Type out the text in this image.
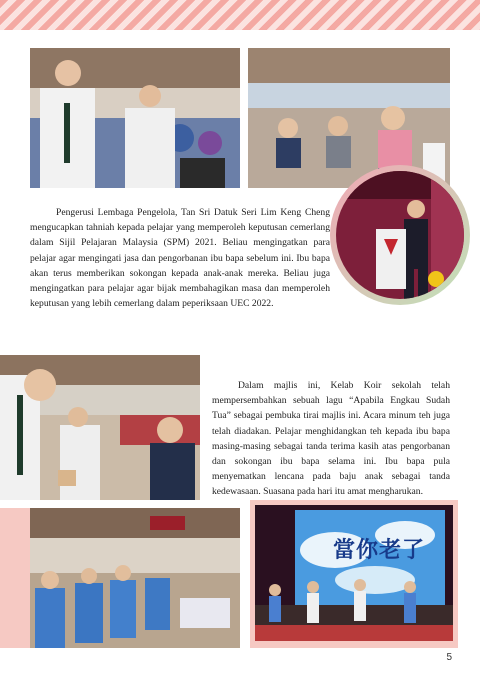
Pengerusi Lembaga Pengelola, Tan Sri Datuk Seri Lim Keng Cheng mengucapkan tahniah kepada pelajar yang memperoleh keputusan cemerlang dalam Sijil Pelajaran Malaysia (SPM) 2021. Beliau mengingatkan para pelajar agar mengingati jasa dan pengorbanan ibu bapa sebelum ini. Ibu bapa akan terus memberikan sokongan kepada anak-anak mereka. Beliau juga mengingatkan para pelajar agar bijak membahagikan masa dan memperoleh keputusan yang lebih cemerlang dalam peperiksaan UEC 2022.

Dalam majlis ini, Kelab Koir sekolah telah mempersembahkan sebuah lagu “Apabila Engkau Sudah Tua” sebagai pembuka tirai majlis ini. Acara minum teh juga telah diadakan. Pelajar menghidangkan teh kepada ibu bapa masing-masing sebagai tanda terima kasih atas pengorbanan dan sokongan ibu bapa selama ini. Ibu bapa pula menyematkan lencana pada baju anak sebagai tanda kedewasaan. Suasana pada hari itu amat mengharukan.

當你老了
5
